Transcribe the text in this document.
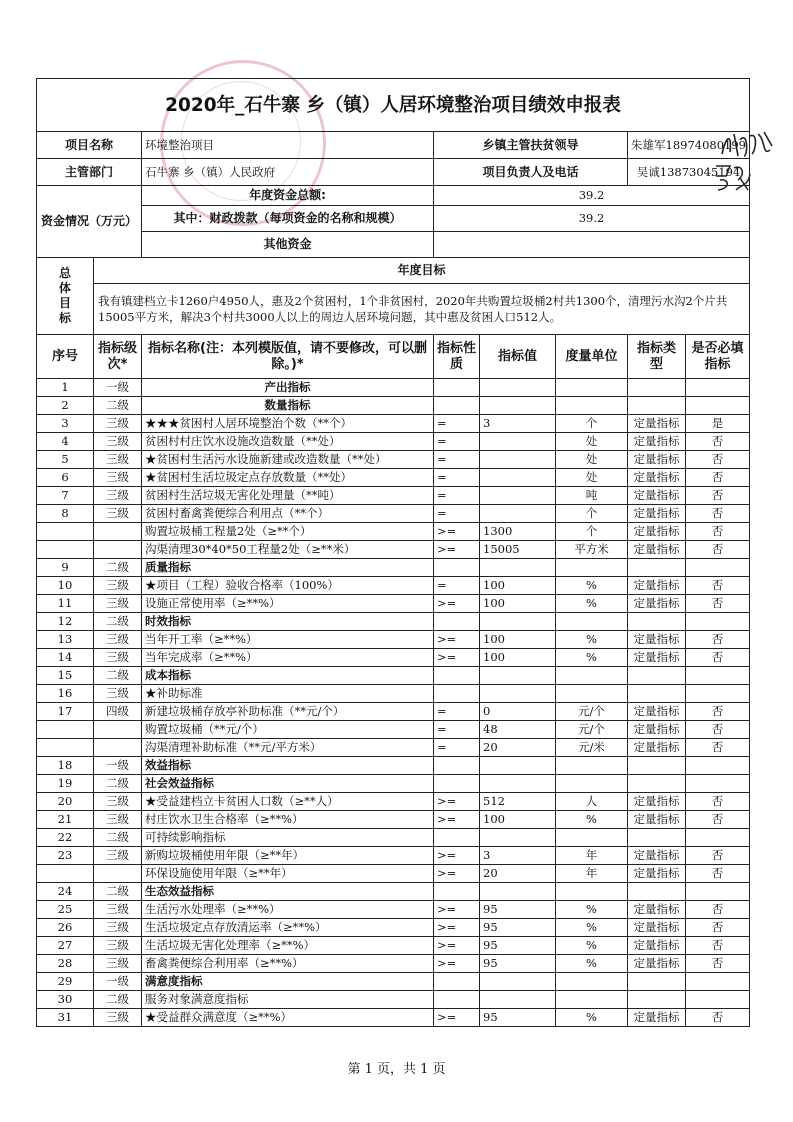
2020年_石牛寨 乡（镇）人居环境整治项目绩效申报表							
项目名称		环境整治项目	乡镇主管扶贫领导			朱雄军18974080199	
主管部门		石牛寨 乡（镇）人民政府	项目负责人及电话			吴诚13873045194	
资金情况（万元）		年度资金总额:	39.2				
		其中：财政拨款（每项资金的名称和规模）	39.2				
		其他资金					
总体目标	年度目标						
	我有镇建档立卡1260户4950人，惠及2个贫困村，1个非贫困村，2020年共购置垃圾桶2村共1300个，清理污水沟2个片共15005平方米，解决3个村共3000人以上的周边人居环境问题，其中惠及贫困人口512人。						
序号	指标级次*	指标名称(注：本列模版值，请不要修改，可以删除。)*	指标性质	指标值	度量单位	指标类型	是否必填指标
1	一级	产出指标					
2	二级	数量指标					
3	三级	★★★贫困村人居环境整治个数（**个）	=	3	个	定量指标	是
4	三级	贫困村村庄饮水设施改造数量（**处）	=		处	定量指标	否
5	三级	★贫困村生活污水设施新建或改造数量（**处）	=		处	定量指标	否
6	三级	★贫困村生活垃圾定点存放数量（**处）	=		处	定量指标	否
7	三级	贫困村生活垃圾无害化处理量（**吨）	=		吨	定量指标	否
8	三级	贫困村畜禽粪便综合利用点（**个）	=		个	定量指标	否
		购置垃圾桶工程量2处（≥**个）	>=	1300	个	定量指标	否
		沟渠清理30*40*50工程量2处（≥**米）	>=	15005	平方米	定量指标	否
9	二级	质量指标					
10	三级	★项目（工程）验收合格率（100%）	=	100	%	定量指标	否
11	三级	设施正常使用率（≥**%）	>=	100	%	定量指标	否
12	二级	时效指标					
13	三级	当年开工率（≥**%）	>=	100	%	定量指标	否
14	三级	当年完成率（≥**%）	>=	100	%	定量指标	否
15	二级	成本指标					
16	三级	★补助标准					
17	四级	新建垃圾桶存放亭补助标准（**元/个）	=	0	元/个	定量指标	否
		购置垃圾桶（**元/个）	=	48	元/个	定量指标	否
		沟渠清理补助标准（**元/平方米）	=	20	元/米	定量指标	否
18	一级	效益指标					
19	二级	社会效益指标					
20	三级	★受益建档立卡贫困人口数（≥**人）	>=	512	人	定量指标	否
21	三级	村庄饮水卫生合格率（≥**%）	>=	100	%	定量指标	否
22	二级	可持续影响指标					
23	三级	新购垃圾桶使用年限（≥**年）	>=	3	年	定量指标	否
		环保设施使用年限（≥**年）	>=	20	年	定量指标	否
24	二级	生态效益指标					
25	三级	生活污水处理率（≥**%）	>=	95	%	定量指标	否
26	三级	生活垃圾定点存放清运率（≥**%）	>=	95	%	定量指标	否
27	三级	生活垃圾无害化处理率（≥**%）	>=	95	%	定量指标	否
28	三级	畜禽粪便综合利用率（≥**%）	>=	95	%	定量指标	否
29	一级	满意度指标					
30	二级	服务对象满意度指标					
31	三级	★受益群众满意度（≥**%）	>=	95	%	定量指标	否
第 1 页，共 1 页
